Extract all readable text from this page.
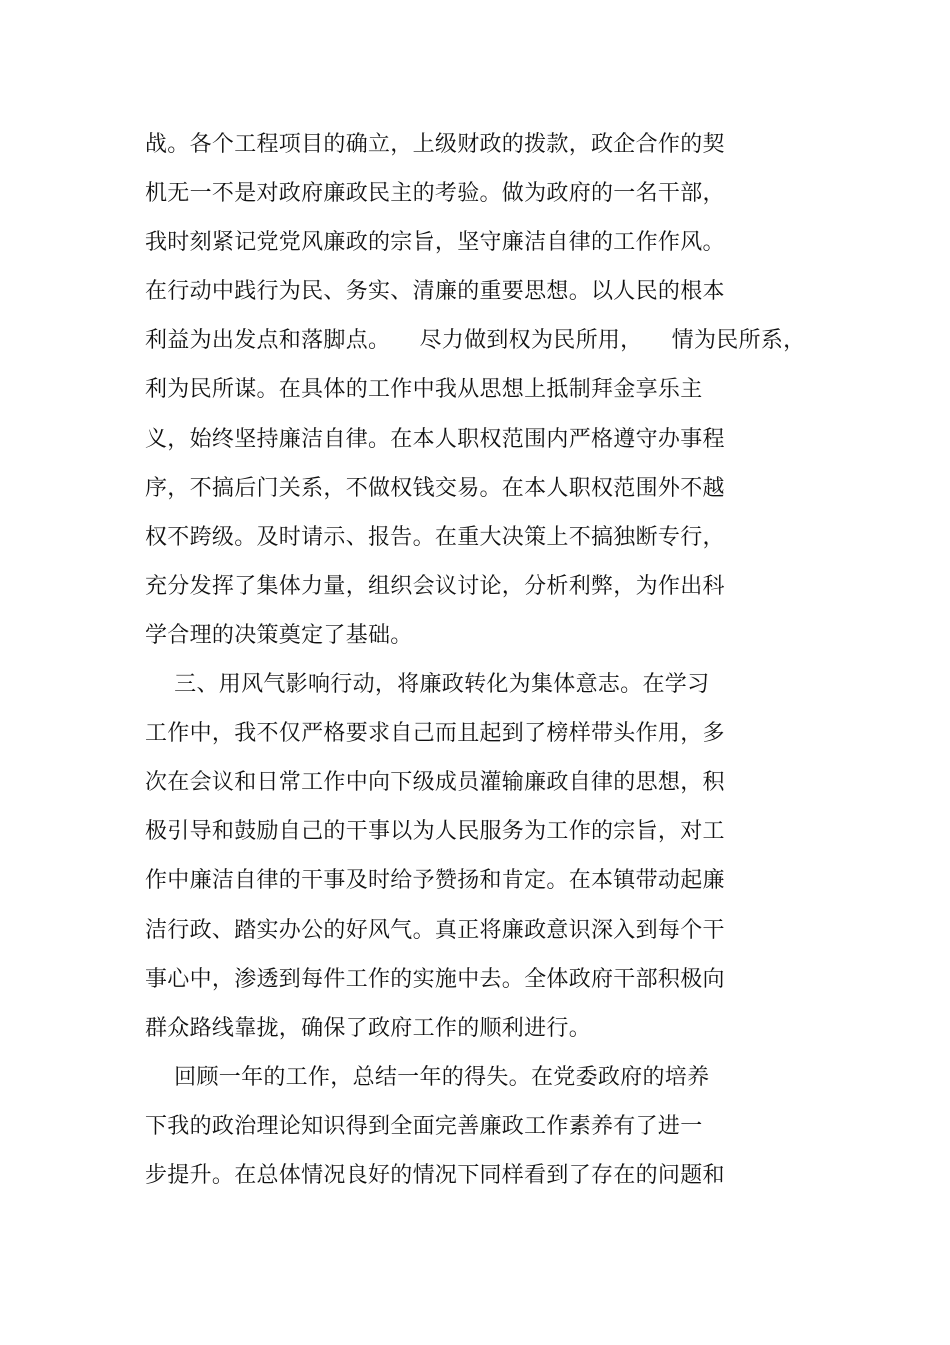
战。各个工程项目的确立，上级财政的拨款，政企合作的契
机无一不是对政府廉政民主的考验。做为政府的一名干部，
我时刻紧记党党风廉政的宗旨，坚守廉洁自律的工作作风。
在行动中践行为民、务实、清廉的重要思想。以人民的根本
利益为出发点和落脚点。    尽力做到权为民所用，    情为民所系，
利为民所谋。在具体的工作中我从思想上抵制拜金享乐主
义，始终坚持廉洁自律。在本人职权范围内严格遵守办事程
序，不搞后门关系，不做权钱交易。在本人职权范围外不越
权不跨级。及时请示、报告。在重大决策上不搞独断专行，
充分发挥了集体力量，组织会议讨论，分析利弊，为作出科
学合理的决策奠定了基础。
三、用风气影响行动，将廉政转化为集体意志。在学习
工作中，我不仅严格要求自己而且起到了榜样带头作用，多
次在会议和日常工作中向下级成员灌输廉政自律的思想，积
极引导和鼓励自己的干事以为人民服务为工作的宗旨，对工
作中廉洁自律的干事及时给予赞扬和肯定。在本镇带动起廉
洁行政、踏实办公的好风气。真正将廉政意识深入到每个干
事心中，渗透到每件工作的实施中去。全体政府干部积极向
群众路线靠拢，确保了政府工作的顺利进行。
回顾一年的工作，总结一年的得失。在党委政府的培养
下我的政治理论知识得到全面完善廉政工作素养有了进一
步提升。在总体情况良好的情况下同样看到了存在的问题和
